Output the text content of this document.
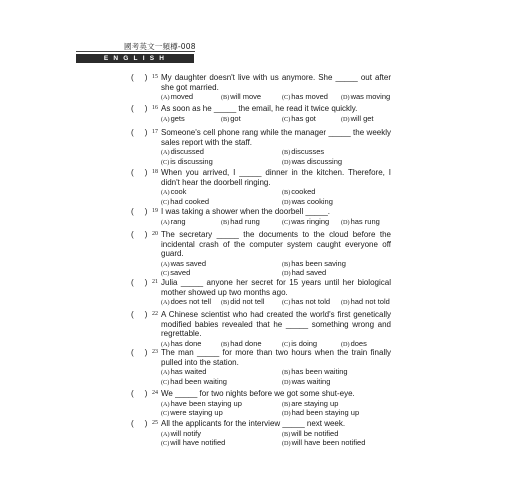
國考英文一頻樽-008
ENGLISH
(     ) 15 My daughter doesn't live with us anymore. She _____ out after she got married.
(A)moved	(B)will move	(C)has moved (D)was moving
(     ) 16 As soon as he _____ the email, he read it twice quickly.
(A)gets	(B)got	(C)has got	(D)will get
(     ) 17 Someone's cell phone rang while the manager _____ the weekly sales report with the staff.
(A)discussed	(B)discusses
(C)is discussing	(D)was discussing
(     ) 18 When you arrived, I _____ dinner in the kitchen. Therefore, I didn't hear the doorbell ringing.
(A)cook	(B)cooked
(C)had cooked	(D)was cooking
(     ) 19 I was taking a shower when the doorbell _____.
(A)rang	(B)had rung	(C)was ringing (D)has rung
(     ) 20 The secretary _____ the documents to the cloud before the incidental crash of the computer system caught everyone off guard.
(A)was saved	(B)has been saving
(C)saved	(D)had saved
(     ) 21 Julia _____ anyone her secret for 15 years until her biological mother showed up two months ago.
(A)does not tell (B)did not tell	(C)has not told (D)had not told
(     ) 22 A Chinese scientist who had created the world's first genetically modified babies revealed that he _____ something wrong and regrettable.
(A)has done	(B)had done	(C)is doing	(D)does
(     ) 23 The man _____ for more than two hours when the train finally pulled into the station.
(A)has waited	(B)has been waiting
(C)had been waiting	(D)was waiting
(     ) 24 We _____ for two nights before we got some shut-eye.
(A)have been staying up	(B)are staying up
(C)were staying up	(D)had been staying up
(     ) 25 All the applicants for the interview _____ next week.
(A)will notify	(B)will be notified
(C)will have notified	(D)will have been notified
